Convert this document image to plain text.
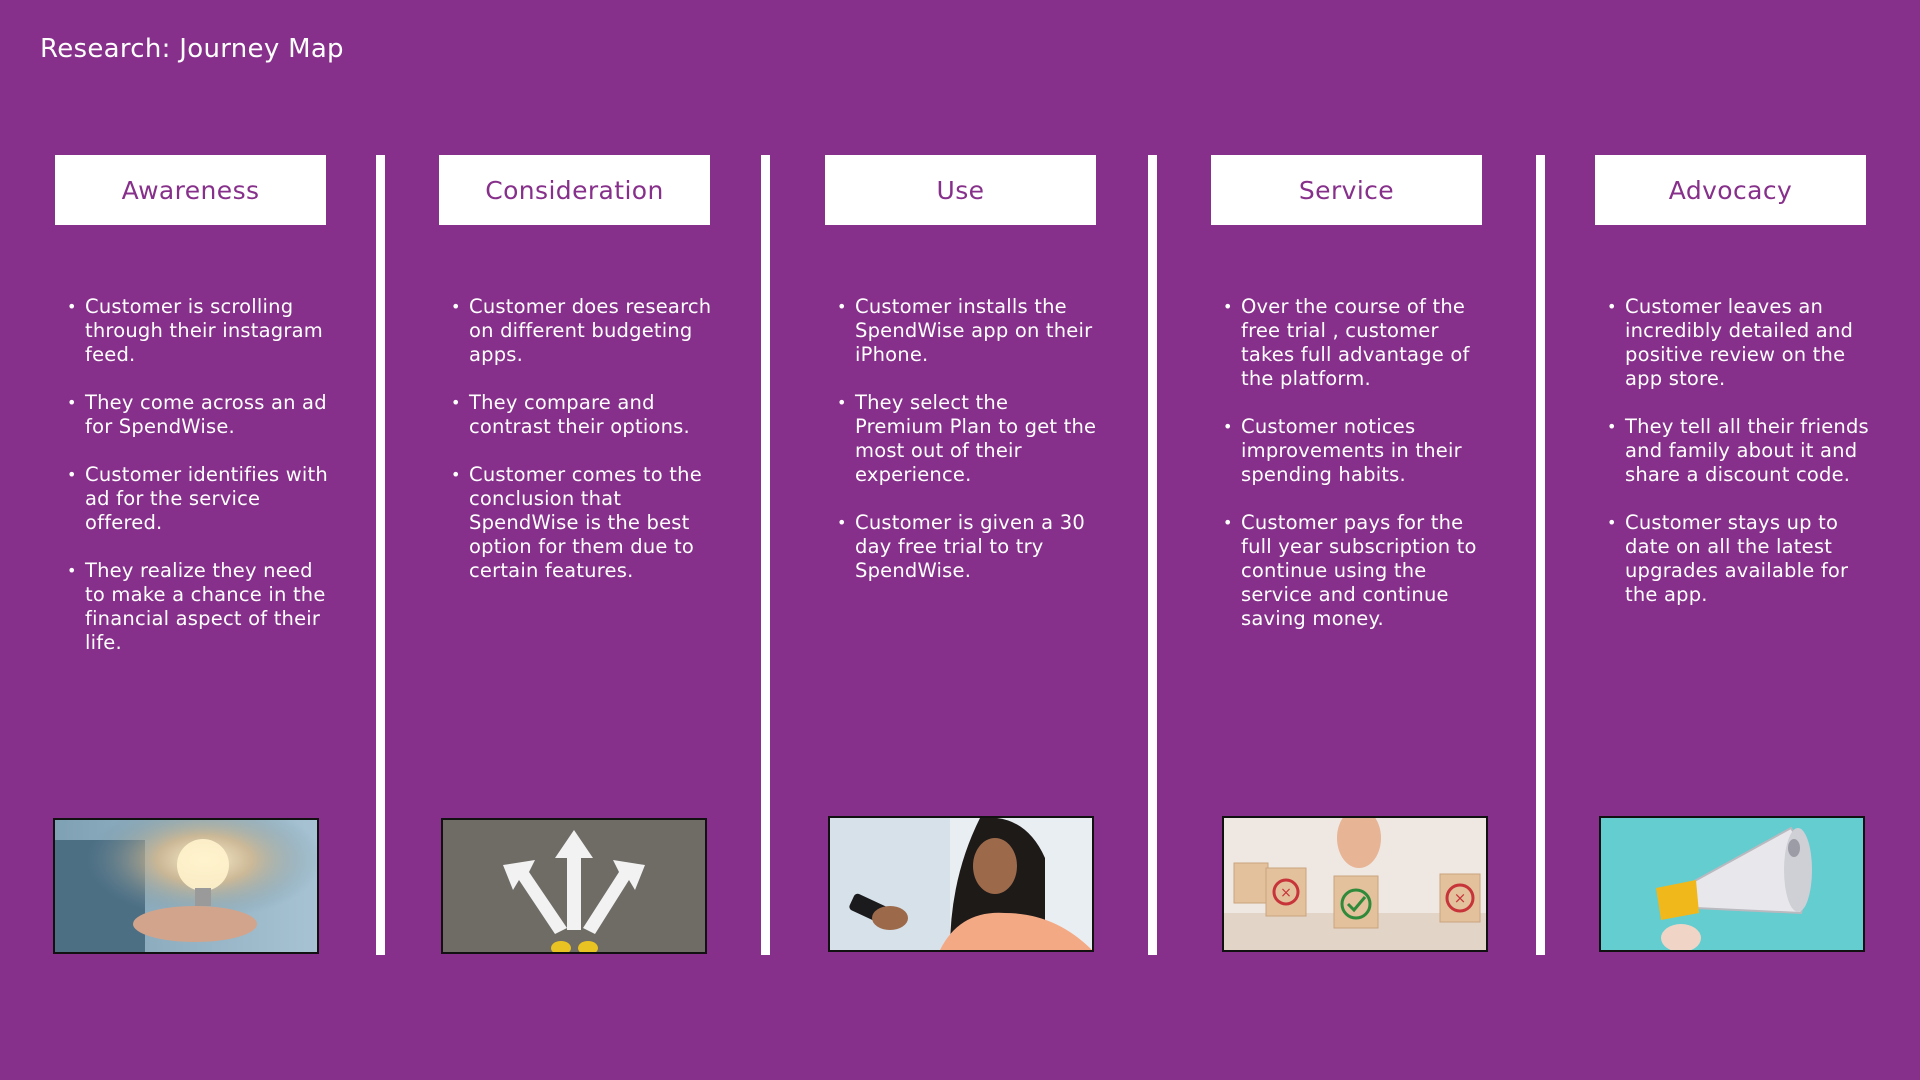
Research: Journey Map
Awareness
• Customer is scrolling through their instagram feed.
• They come across an ad for SpendWise.
• Customer identifies with ad for the service offered.
• They realize they need to make a chance in the financial aspect of their life.
Consideration
• Customer does research on different budgeting apps.
• They compare and contrast their options.
• Customer comes to the conclusion that SpendWise is the best option for them due to certain features.
Use
• Customer installs the SpendWise app on their iPhone.
• They select the Premium Plan to get the most out of their experience.
• Customer is given a 30 day free trial to try SpendWise.
Service
• Over the course of the free trial , customer takes full advantage of the platform.
• Customer notices improvements in their spending habits.
• Customer pays for the full year subscription to continue using the service and continue saving money.
×	×
Advocacy
• Customer leaves an incredibly detailed and positive review on the app store.
• They tell all their friends and family about it and share a discount code.
• Customer stays up to date on all the latest upgrades available for the app.
